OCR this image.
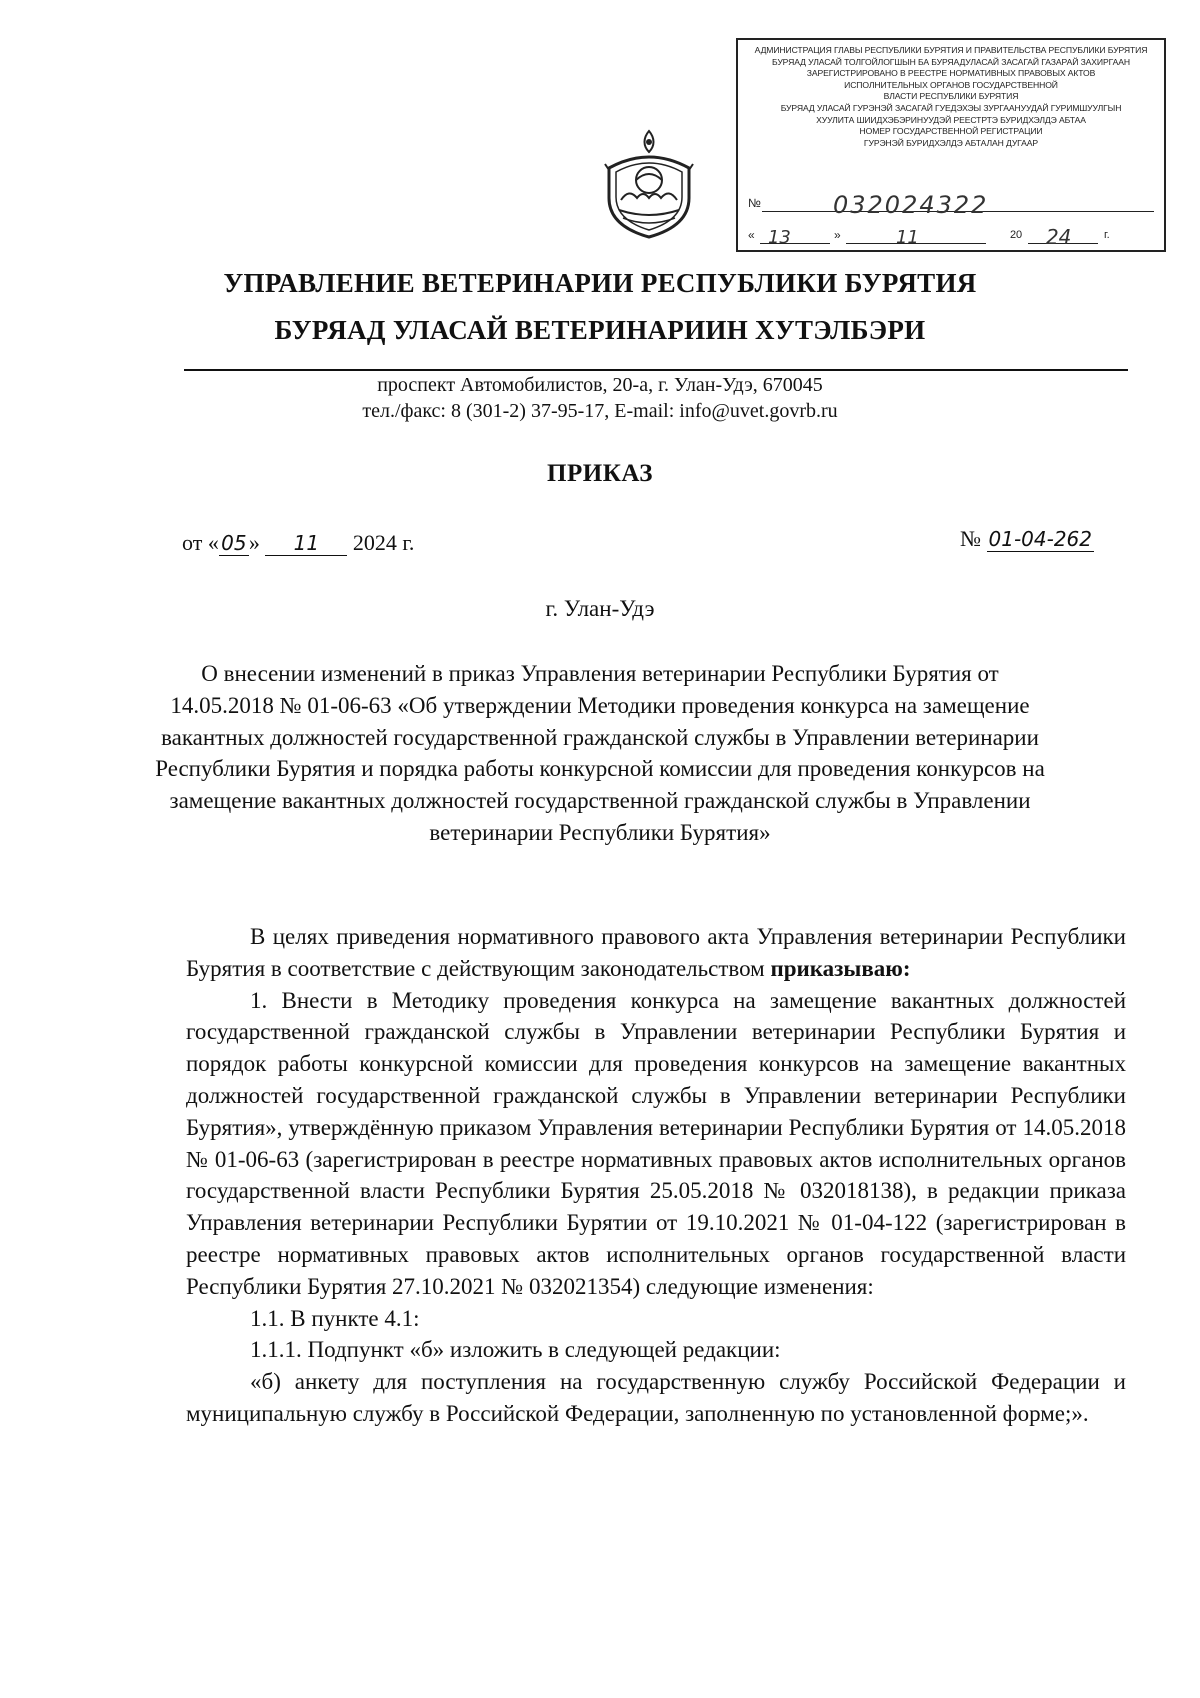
АДМИНИСТРАЦИЯ ГЛАВЫ РЕСПУБЛИКИ БУРЯТИЯ И ПРАВИТЕЛЬСТВА РЕСПУБЛИКИ БУРЯТИЯ
БУРЯАД УЛАСАЙ ТОЛГОЙЛОГШЫН БА БУРЯАДУЛАСАЙ ЗАСАГАЙ ГАЗАРАЙ ЗАХИРГААН
ЗАРЕГИСТРИРОВАНО В РЕЕСТРЕ НОРМАТИВНЫХ ПРАВОВЫХ АКТОВ
ИСПОЛНИТЕЛЬНЫХ ОРГАНОВ ГОСУДАРСТВЕННОЙ
ВЛАСТИ РЕСПУБЛИКИ БУРЯТИЯ
БУРЯАД УЛАСАЙ ГУРЭНЭЙ ЗАСАГАЙ ГУЕДЭХЭЫ ЗУРГААНУУДАЙ ГУРИМШУУЛГЫН
ХУУЛИТА ШИИДХЭБЭРИНУУДЭЙ РЕЕСТРТЭ БУРИДХЭЛДЭ АБТАА
НОМЕР ГОСУДАРСТВЕННОЙ РЕГИСТРАЦИИ
ГУРЭНЭЙ БУРИДХЭЛДЭ АБТАЛАН ДУГААР
№	032024322
« 13	»	11	20 24	г.
УПРАВЛЕНИЕ ВЕТЕРИНАРИИ РЕСПУБЛИКИ БУРЯТИЯ
БУРЯАД УЛАСАЙ ВЕТЕРИНАРИИН ХУТЭЛБЭРИ
проспект Автомобилистов, 20-а, г. Улан-Удэ, 670045
тел./факс: 8 (301-2) 37-95-17, E-mail: info@uvet.govrb.ru
ПРИКАЗ
от « 05 » 11 2024 г.	№ 01-04-262
г. Улан-Удэ
О внесении изменений в приказ Управления ветеринарии Республики Бурятия от 14.05.2018 № 01-06-63 «Об утверждении Методики проведения конкурса на замещение вакантных должностей государственной гражданской службы в Управлении ветеринарии Республики Бурятия и порядка работы конкурсной комиссии для проведения конкурсов на замещение вакантных должностей государственной гражданской службы в Управлении ветеринарии Республики Бурятия»

В целях приведения нормативного правового акта Управления ветеринарии Республики Бурятия в соответствие с действующим законодательством приказываю:

1. Внести в Методику проведения конкурса на замещение вакантных должностей государственной гражданской службы в Управлении ветеринарии Республики Бурятия и порядок работы конкурсной комиссии для проведения конкурсов на замещение вакантных должностей государственной гражданской службы в Управлении ветеринарии Республики Бурятия», утверждённую приказом Управления ветеринарии Республики Бурятия от 14.05.2018 № 01-06-63 (зарегистрирован в реестре нормативных правовых актов исполнительных органов государственной власти Республики Бурятия 25.05.2018 № 032018138), в редакции приказа Управления ветеринарии Республики Бурятии от 19.10.2021 № 01-04-122 (зарегистрирован в реестре нормативных правовых актов исполнительных органов государственной власти Республики Бурятия 27.10.2021 № 032021354) следующие изменения:

1.1. В пункте 4.1:

1.1.1. Подпункт «б» изложить в следующей редакции:

«б) анкету для поступления на государственную службу Российской Федерации и муниципальную службу в Российской Федерации, заполненную по установленной форме;».
